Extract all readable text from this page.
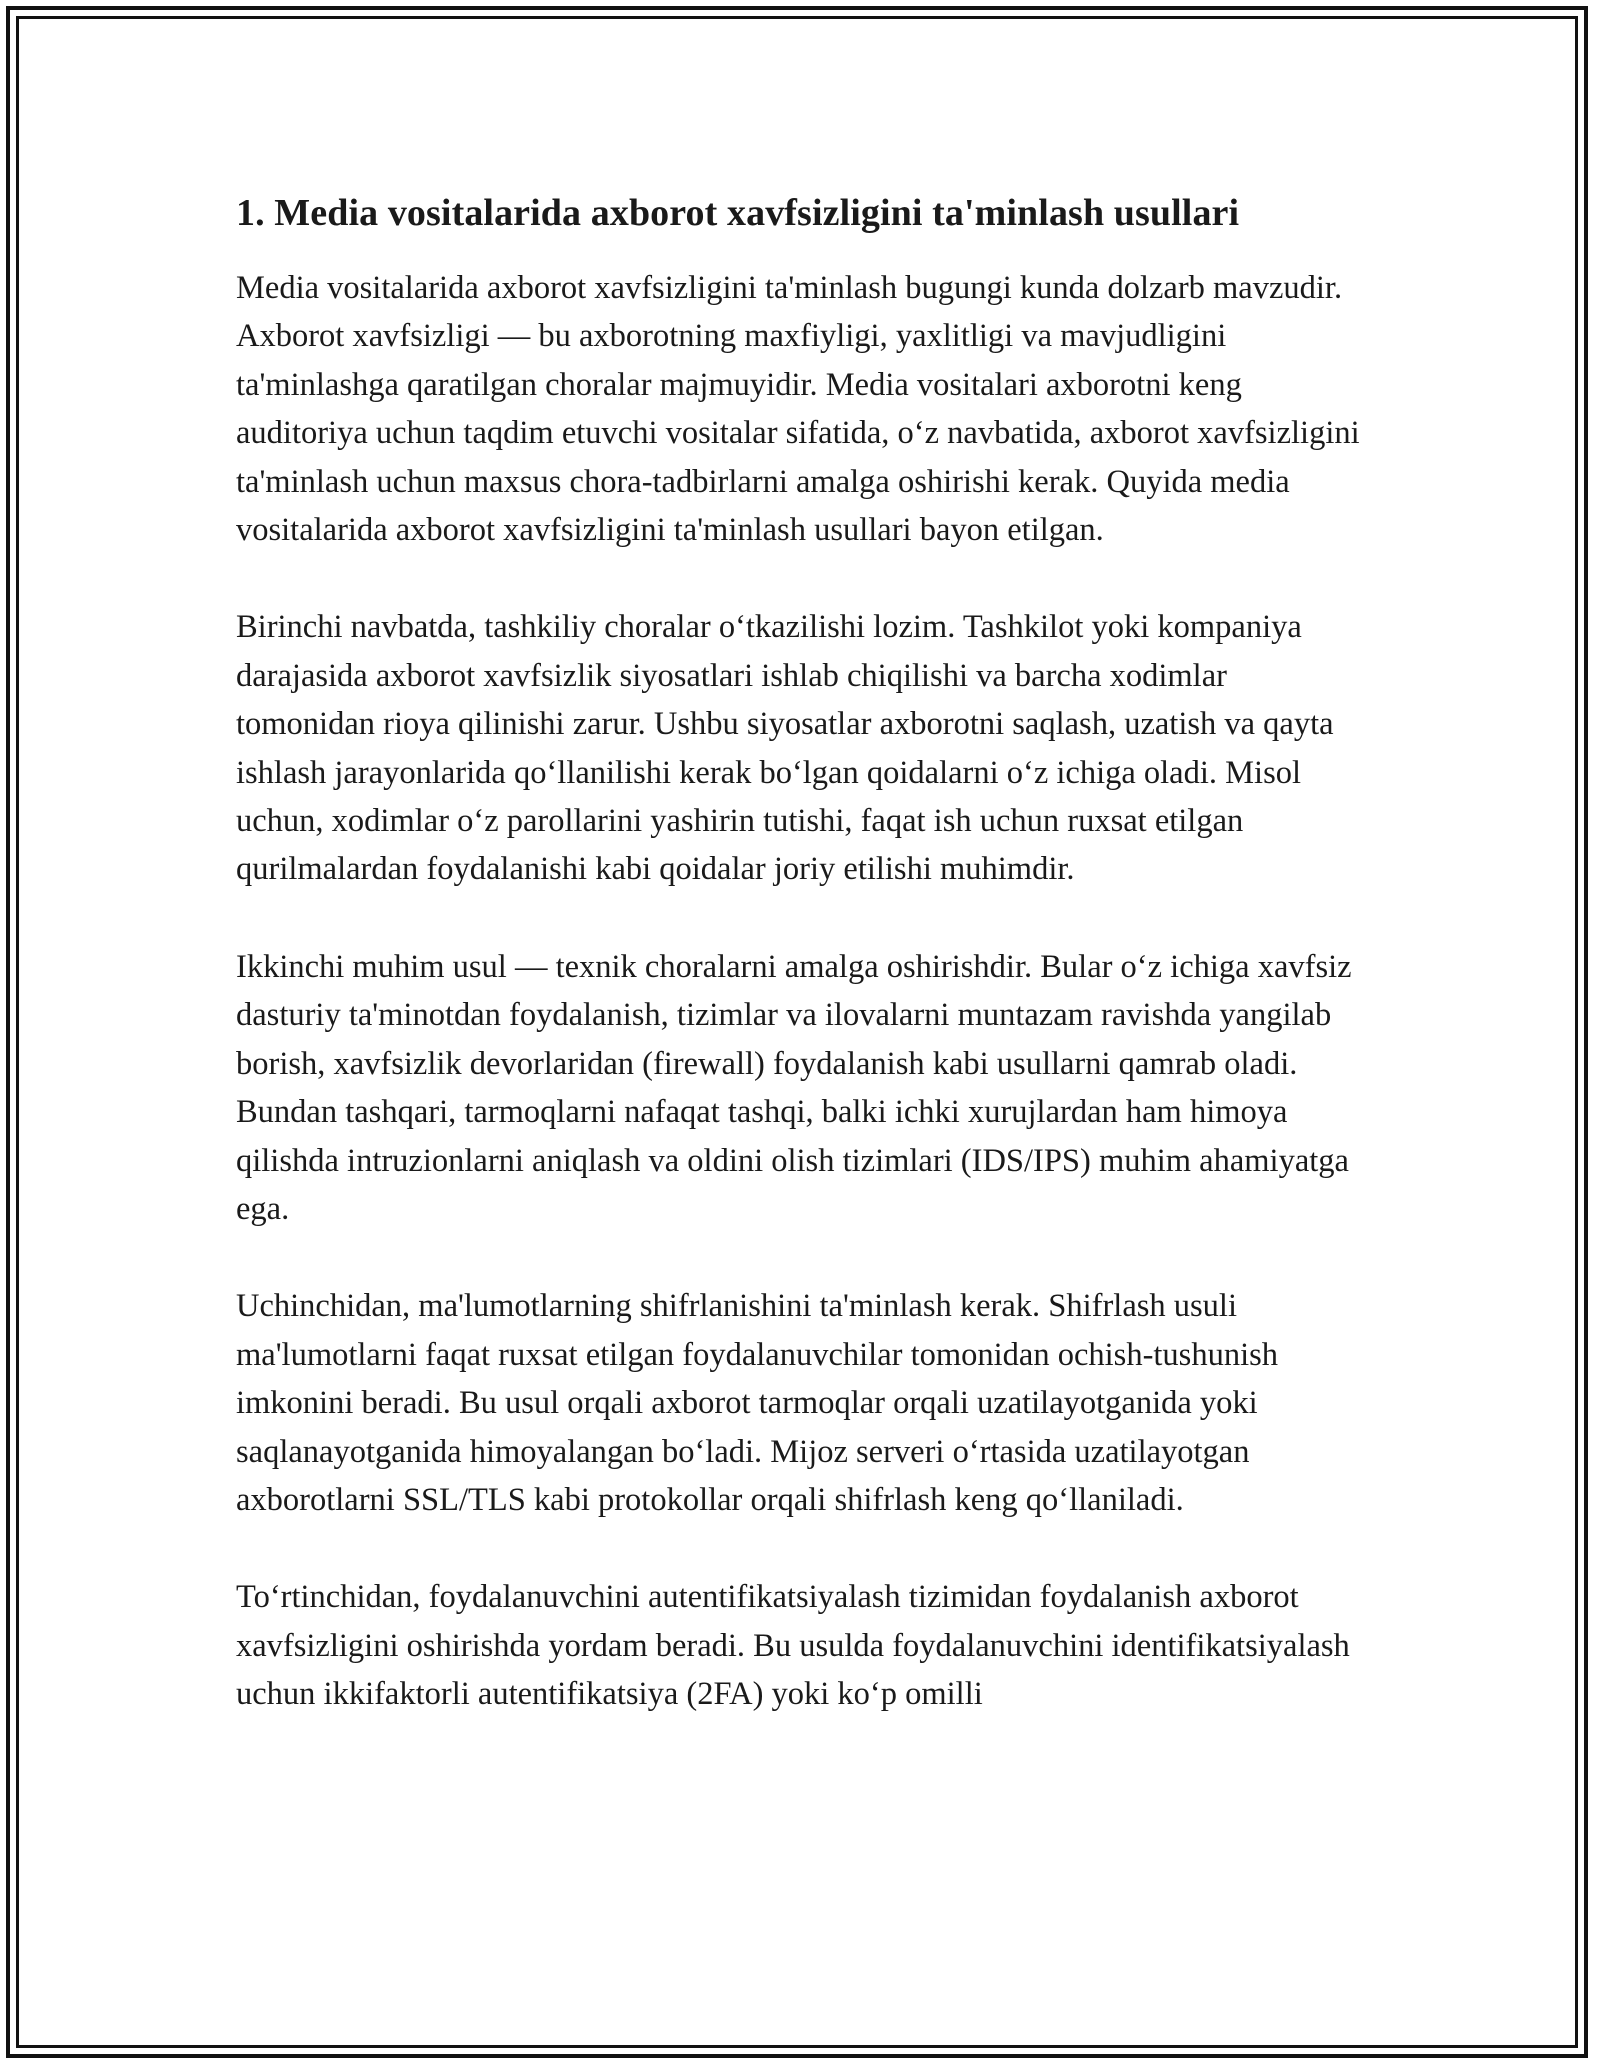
1. Media vositalarida axborot xavfsizligini ta'minlash usullari

Media vositalarida axborot xavfsizligini ta'minlash bugungi kunda dolzarb mavzudir. Axborot xavfsizligi — bu axborotning maxfiyligi, yaxlitligi va mavjudligini ta'minlashga qaratilgan choralar majmuyidir. Media vositalari axborotni keng auditoriya uchun taqdim etuvchi vositalar sifatida, o‘z navbatida, axborot xavfsizligini ta'minlash uchun maxsus chora-tadbirlarni amalga oshirishi kerak. Quyida media vositalarida axborot xavfsizligini ta'minlash usullari bayon etilgan.

Birinchi navbatda, tashkiliy choralar o‘tkazilishi lozim. Tashkilot yoki kompaniya darajasida axborot xavfsizlik siyosatlari ishlab chiqilishi va barcha xodimlar tomonidan rioya qilinishi zarur. Ushbu siyosatlar axborotni saqlash, uzatish va qayta ishlash jarayonlarida qo‘llanilishi kerak bo‘lgan qoidalarni o‘z ichiga oladi. Misol uchun, xodimlar o‘z parollarini yashirin tutishi, faqat ish uchun ruxsat etilgan qurilmalardan foydalanishi kabi qoidalar joriy etilishi muhimdir.

Ikkinchi muhim usul — texnik choralarni amalga oshirishdir. Bular o‘z ichiga xavfsiz dasturiy ta'minotdan foydalanish, tizimlar va ilovalarni muntazam ravishda yangilab borish, xavfsizlik devorlaridan (firewall) foydalanish kabi usullarni qamrab oladi. Bundan tashqari, tarmoqlarni nafaqat tashqi, balki ichki xurujlardan ham himoya qilishda intruzionlarni aniqlash va oldini olish tizimlari (IDS/IPS) muhim ahamiyatga ega.

Uchinchidan, ma'lumotlarning shifrlanishini ta'minlash kerak. Shifrlash usuli ma'lumotlarni faqat ruxsat etilgan foydalanuvchilar tomonidan ochish-tushunish imkonini beradi. Bu usul orqali axborot tarmoqlar orqali uzatilayotganida yoki saqlanayotganida himoyalangan bo‘ladi. Mijoz serveri o‘rtasida uzatilayotgan axborotlarni SSL/TLS kabi protokollar orqali shifrlash keng qo‘llaniladi.

To‘rtinchidan, foydalanuvchini autentifikatsiyalash tizimidan foydalanish axborot xavfsizligini oshirishda yordam beradi. Bu usulda foydalanuvchini identifikatsiyalash uchun ikkifaktorli autentifikatsiya (2FA) yoki ko‘p omilli
